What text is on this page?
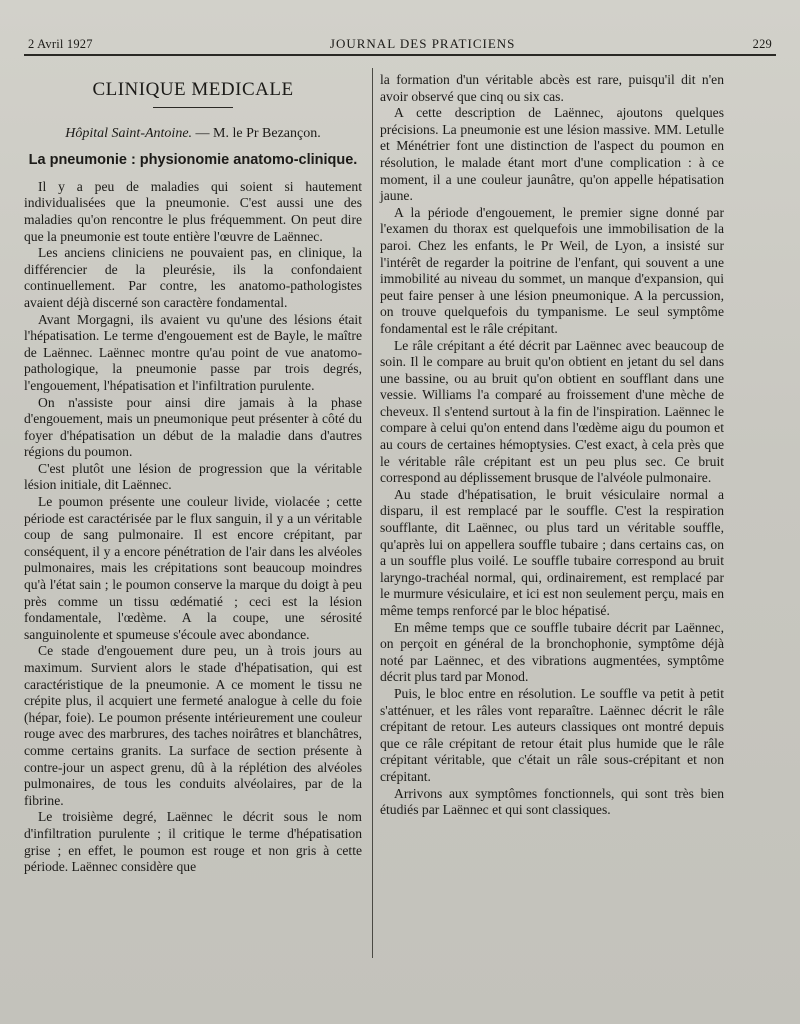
2 Avril 1927	JOURNAL DES PRATICIENS	229
CLINIQUE MEDICALE
Hôpital Saint-Antoine. — M. le Pr Bezançon.
La pneumonie : physionomie anatomo-clinique.

Il y a peu de maladies qui soient si hautement individualisées que la pneumonie. C'est aussi une des maladies qu'on rencontre le plus fréquemment. On peut dire que la pneumonie est toute entière l'œuvre de Laënnec.

Les anciens cliniciens ne pouvaient pas, en clinique, la différencier de la pleurésie, ils la confondaient continuellement. Par contre, les anatomo-pathologistes avaient déjà discerné son caractère fondamental.

Avant Morgagni, ils avaient vu qu'une des lésions était l'hépatisation. Le terme d'engouement est de Bayle, le maître de Laënnec. Laënnec montre qu'au point de vue anatomo-pathologique, la pneumonie passe par trois degrés, l'engouement, l'hépatisation et l'infiltration purulente.

On n'assiste pour ainsi dire jamais à la phase d'engouement, mais un pneumonique peut présenter à côté du foyer d'hépatisation un début de la maladie dans d'autres régions du poumon.

C'est plutôt une lésion de progression que la véritable lésion initiale, dit Laënnec.

Le poumon présente une couleur livide, violacée ; cette période est caractérisée par le flux sanguin, il y a un véritable coup de sang pulmonaire. Il est encore crépitant, par conséquent, il y a encore pénétration de l'air dans les alvéoles pulmonaires, mais les crépitations sont beaucoup moindres qu'à l'état sain ; le poumon conserve la marque du doigt à peu près comme un tissu œdématié ; ceci est la lésion fondamentale, l'œdème. A la coupe, une sérosité sanguinolente et spumeuse s'écoule avec abondance.

Ce stade d'engouement dure peu, un à trois jours au maximum. Survient alors le stade d'hépatisation, qui est caractéristique de la pneumonie. A ce moment le tissu ne crépite plus, il acquiert une fermeté analogue à celle du foie (hépar, foie). Le poumon présente intérieurement une couleur rouge avec des marbrures, des taches noirâtres et blanchâtres, comme certains granits. La surface de section présente à contre-jour un aspect grenu, dû à la réplétion des alvéoles pulmonaires, de tous les conduits alvéolaires, par de la fibrine.

Le troisième degré, Laënnec le décrit sous le nom d'infiltration purulente ; il critique le terme d'hépatisation grise ; en effet, le poumon est rouge et non gris à cette période. Laënnec considère que

la formation d'un véritable abcès est rare, puisqu'il dit n'en avoir observé que cinq ou six cas.

A cette description de Laënnec, ajoutons quelques précisions. La pneumonie est une lésion massive. MM. Letulle et Ménétrier font une distinction de l'aspect du poumon en résolution, le malade étant mort d'une complication : à ce moment, il a une couleur jaunâtre, qu'on appelle hépatisation jaune.

A la période d'engouement, le premier signe donné par l'examen du thorax est quelquefois une immobilisation de la paroi. Chez les enfants, le Pr Weil, de Lyon, a insisté sur l'intérêt de regarder la poitrine de l'enfant, qui souvent a une immobilité au niveau du sommet, un manque d'expansion, qui peut faire penser à une lésion pneumonique. A la percussion, on trouve quelquefois du tympanisme. Le seul symptôme fondamental est le râle crépitant.

Le râle crépitant a été décrit par Laënnec avec beaucoup de soin. Il le compare au bruit qu'on obtient en jetant du sel dans une bassine, ou au bruit qu'on obtient en soufflant dans une vessie. Williams l'a comparé au froissement d'une mèche de cheveux. Il s'entend surtout à la fin de l'inspiration. Laënnec le compare à celui qu'on entend dans l'œdème aigu du poumon et au cours de certaines hémoptysies. C'est exact, à cela près que le véritable râle crépitant est un peu plus sec. Ce bruit correspond au déplissement brusque de l'alvéole pulmonaire.

Au stade d'hépatisation, le bruit vésiculaire normal a disparu, il est remplacé par le souffle. C'est la respiration soufflante, dit Laënnec, ou plus tard un véritable souffle, qu'après lui on appellera souffle tubaire ; dans certains cas, on a un souffle plus voilé. Le souffle tubaire correspond au bruit laryngo-trachéal normal, qui, ordinairement, est remplacé par le murmure vésiculaire, et ici est non seulement perçu, mais en même temps renforcé par le bloc hépatisé.

En même temps que ce souffle tubaire décrit par Laënnec, on perçoit en général de la bronchophonie, symptôme déjà noté par Laënnec, et des vibrations augmentées, symptôme décrit plus tard par Monod.

Puis, le bloc entre en résolution. Le souffle va petit à petit s'atténuer, et les râles vont reparaître. Laënnec décrit le râle crépitant de retour. Les auteurs classiques ont montré depuis que ce râle crépitant de retour était plus humide que le râle crépitant véritable, que c'était un râle sous-crépitant et non crépitant.

Arrivons aux symptômes fonctionnels, qui sont très bien étudiés par Laënnec et qui sont classiques.
